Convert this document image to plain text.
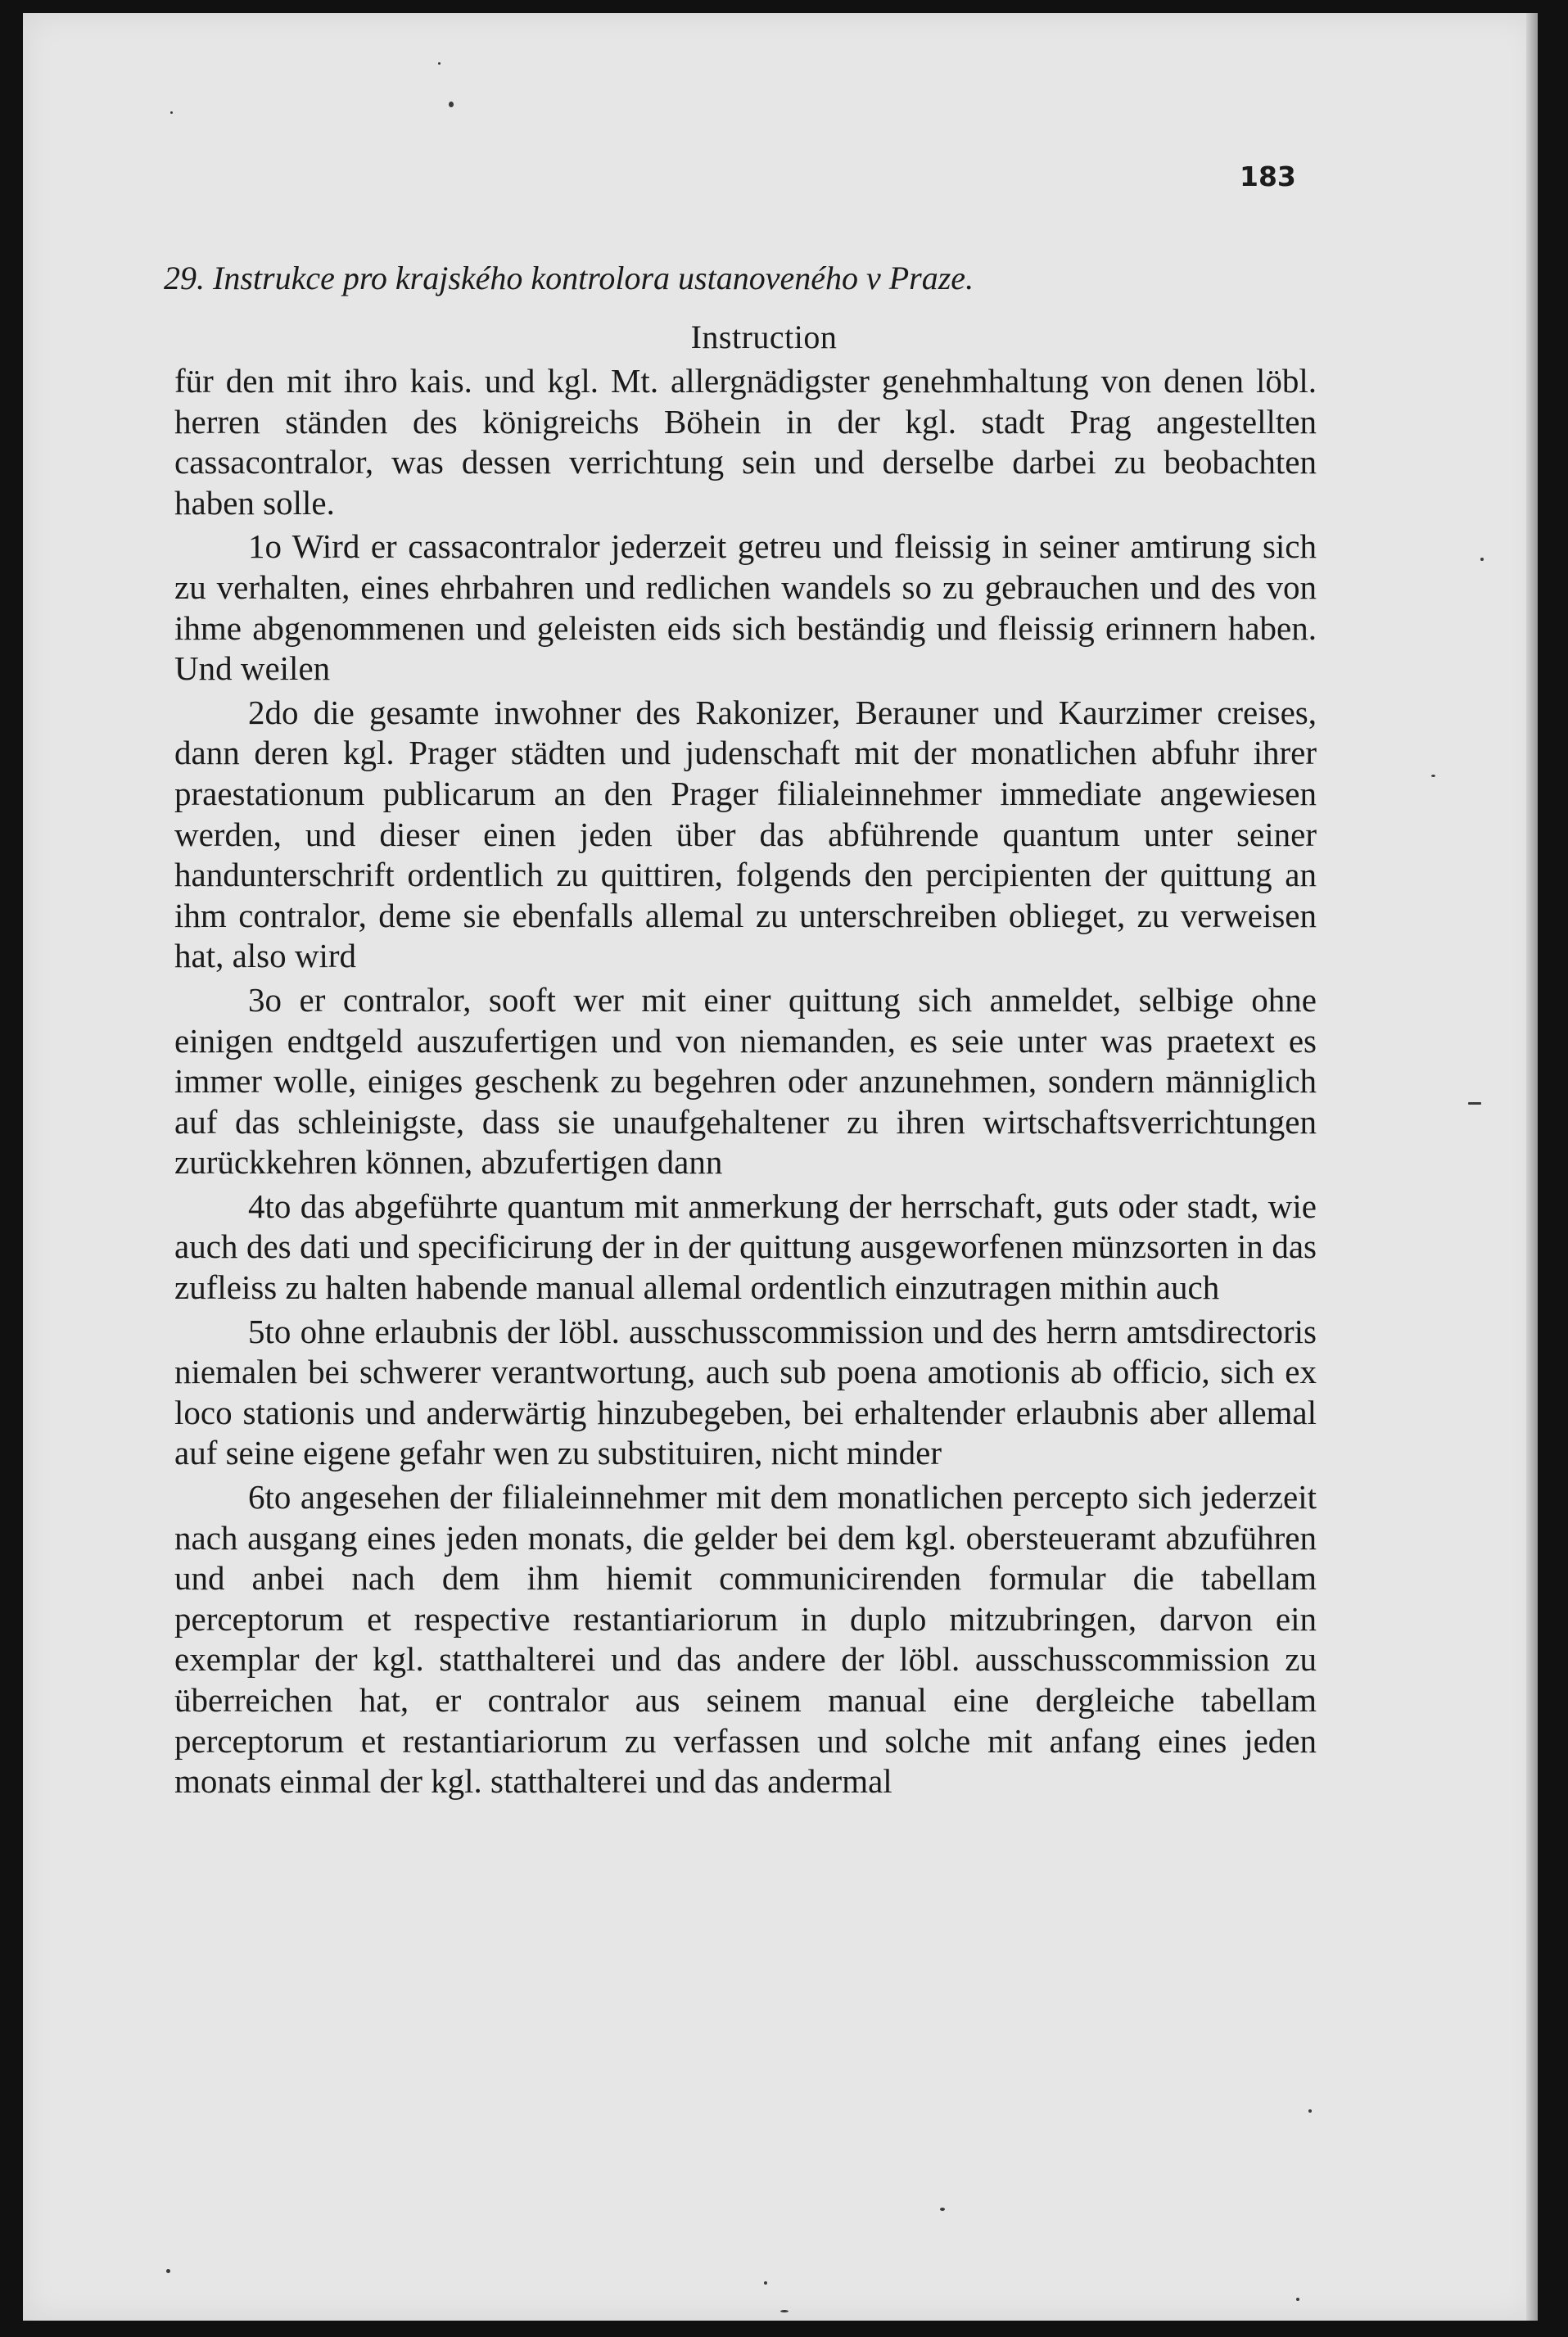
183
29. Instrukce pro krajského kontrolora ustanoveného v Praze.
Instruction

für den mit ihro kais. und kgl. Mt. allergnädigster genehmhaltung von denen löbl. herren ständen des königreichs Böhein in der kgl. stadt Prag angestellten cassacontralor, was dessen verrichtung sein und derselbe darbei zu beobachten haben solle.

1o Wird er cassacontralor jederzeit getreu und fleissig in seiner amtirung sich zu verhalten, eines ehrbahren und redlichen wandels so zu gebrauchen und des von ihme abgenommenen und geleisten eids sich beständig und fleissig erinnern haben. Und weilen

2do die gesamte inwohner des Rakonizer, Berauner und Kaurzimer creises, dann deren kgl. Prager städten und judenschaft mit der monatlichen abfuhr ihrer praestationum publicarum an den Prager filialeinnehmer immediate angewiesen werden, und dieser einen jeden über das abführende quantum unter seiner handunterschrift ordentlich zu quittiren, folgends den percipienten der quittung an ihm contralor, deme sie ebenfalls allemal zu unterschreiben oblieget, zu verweisen hat, also wird

3o er contralor, sooft wer mit einer quittung sich anmeldet, selbige ohne einigen endtgeld auszufertigen und von niemanden, es seie unter was praetext es immer wolle, einiges geschenk zu begehren oder anzunehmen, sondern männiglich auf das schleinigste, dass sie unaufgehaltener zu ihren wirtschaftsverrichtungen zurückkehren können, abzufertigen dann

4to das abgeführte quantum mit anmerkung der herrschaft, guts oder stadt, wie auch des dati und specificirung der in der quittung ausgeworfenen münzsorten in das zufleiss zu halten habende manual allemal ordentlich einzutragen mithin auch

5to ohne erlaubnis der löbl. ausschusscommission und des herrn amtsdirectoris niemalen bei schwerer verantwortung, auch sub poena amotionis ab officio, sich ex loco stationis und anderwärtig hinzubegeben, bei erhaltender erlaubnis aber allemal auf seine eigene gefahr wen zu substituiren, nicht minder

6to angesehen der filialeinnehmer mit dem monatlichen percepto sich jederzeit nach ausgang eines jeden monats, die gelder bei dem kgl. obersteueramt abzuführen und anbei nach dem ihm hiemit communicirenden formular die tabellam perceptorum et respective restantiariorum in duplo mitzubringen, darvon ein exemplar der kgl. statthalterei und das andere der löbl. ausschusscommission zu überreichen hat, er contralor aus seinem manual eine dergleiche tabellam perceptorum et restantiariorum zu verfassen und solche mit anfang eines jeden monats einmal der kgl. statthalterei und das andermal
